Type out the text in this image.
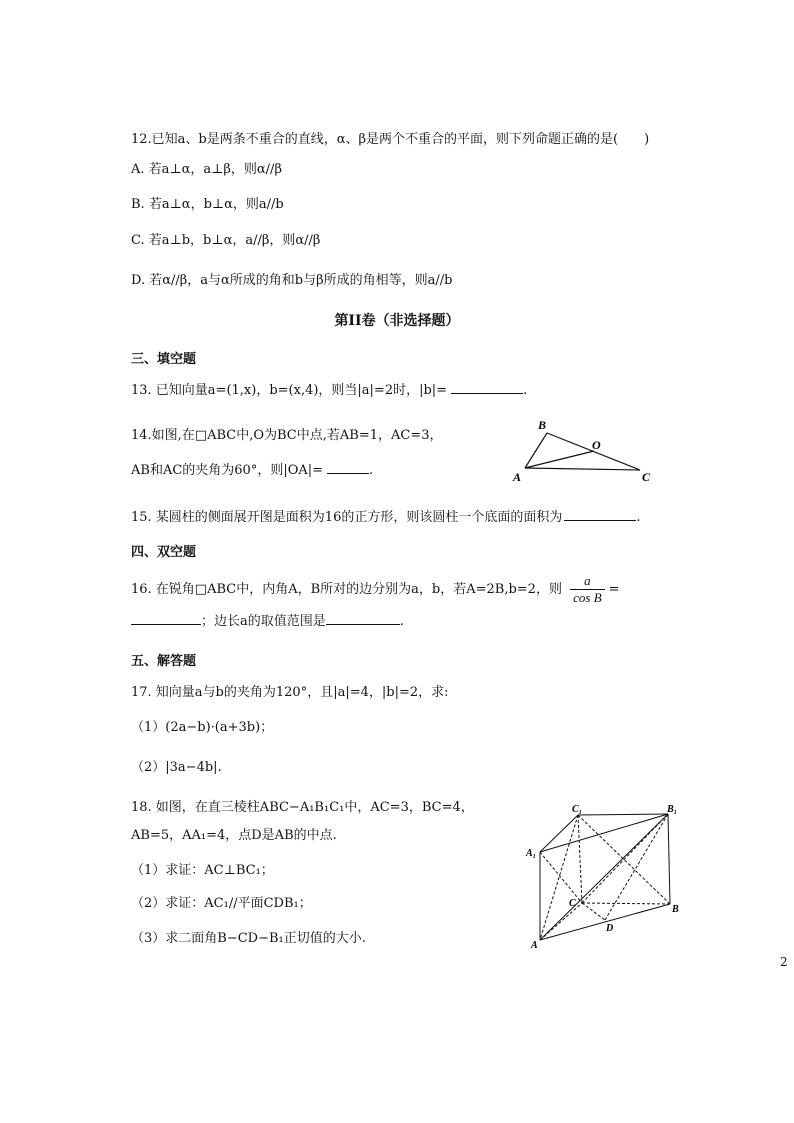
12.已知a、b是两条不重合的直线，α、β是两个不重合的平面，则下列命题正确的是(　　)
A. 若a⊥α，a⊥β，则α//β
B. 若a⊥α，b⊥α，则a//b
C. 若a⊥b，b⊥α，a//β，则α//β
D. 若α//β，a与α所成的角和b与β所成的角相等，则a//b
第II卷（非选择题）
三、填空题
13. 已知向量a=(1,x)，b=(x,4)，则当|a|=2时，|b|=	.
14.如图,在□ABC中,O为BC中点,若AB=1，AC=3，
AB和AC的夹角为60°，则|OA|=	.
B
O
A	C
15. 某圆柱的侧面展开图是面积为16的正方形，则该圆柱一个底面的面积为	.
四、双空题
16. 在锐角□ABC中，内角A，B所对的边分别为a，b，若A=2B,b=2，则 $\frac{a}{\text{cos B}}$ =
；边长a的取值范围是	.
五、解答题
17. 知向量a与b的夹角为120°，且|a|=4，|b|=2，求:
（1）(2a−b)·(a+3b)；
（2）|3a−4b|.
18. 如图，在直三棱柱ABC−A₁B₁C₁中，AC=3，BC=4，
AB=5，AA₁=4，点D是AB的中点.
（1）求证：AC⊥BC₁；
（2）求证：AC₁//平面CDB₁；
（3）求二面角B−CD−B₁正切值的大小.
C₁	B₁
A₁
C
B
D
A
2
